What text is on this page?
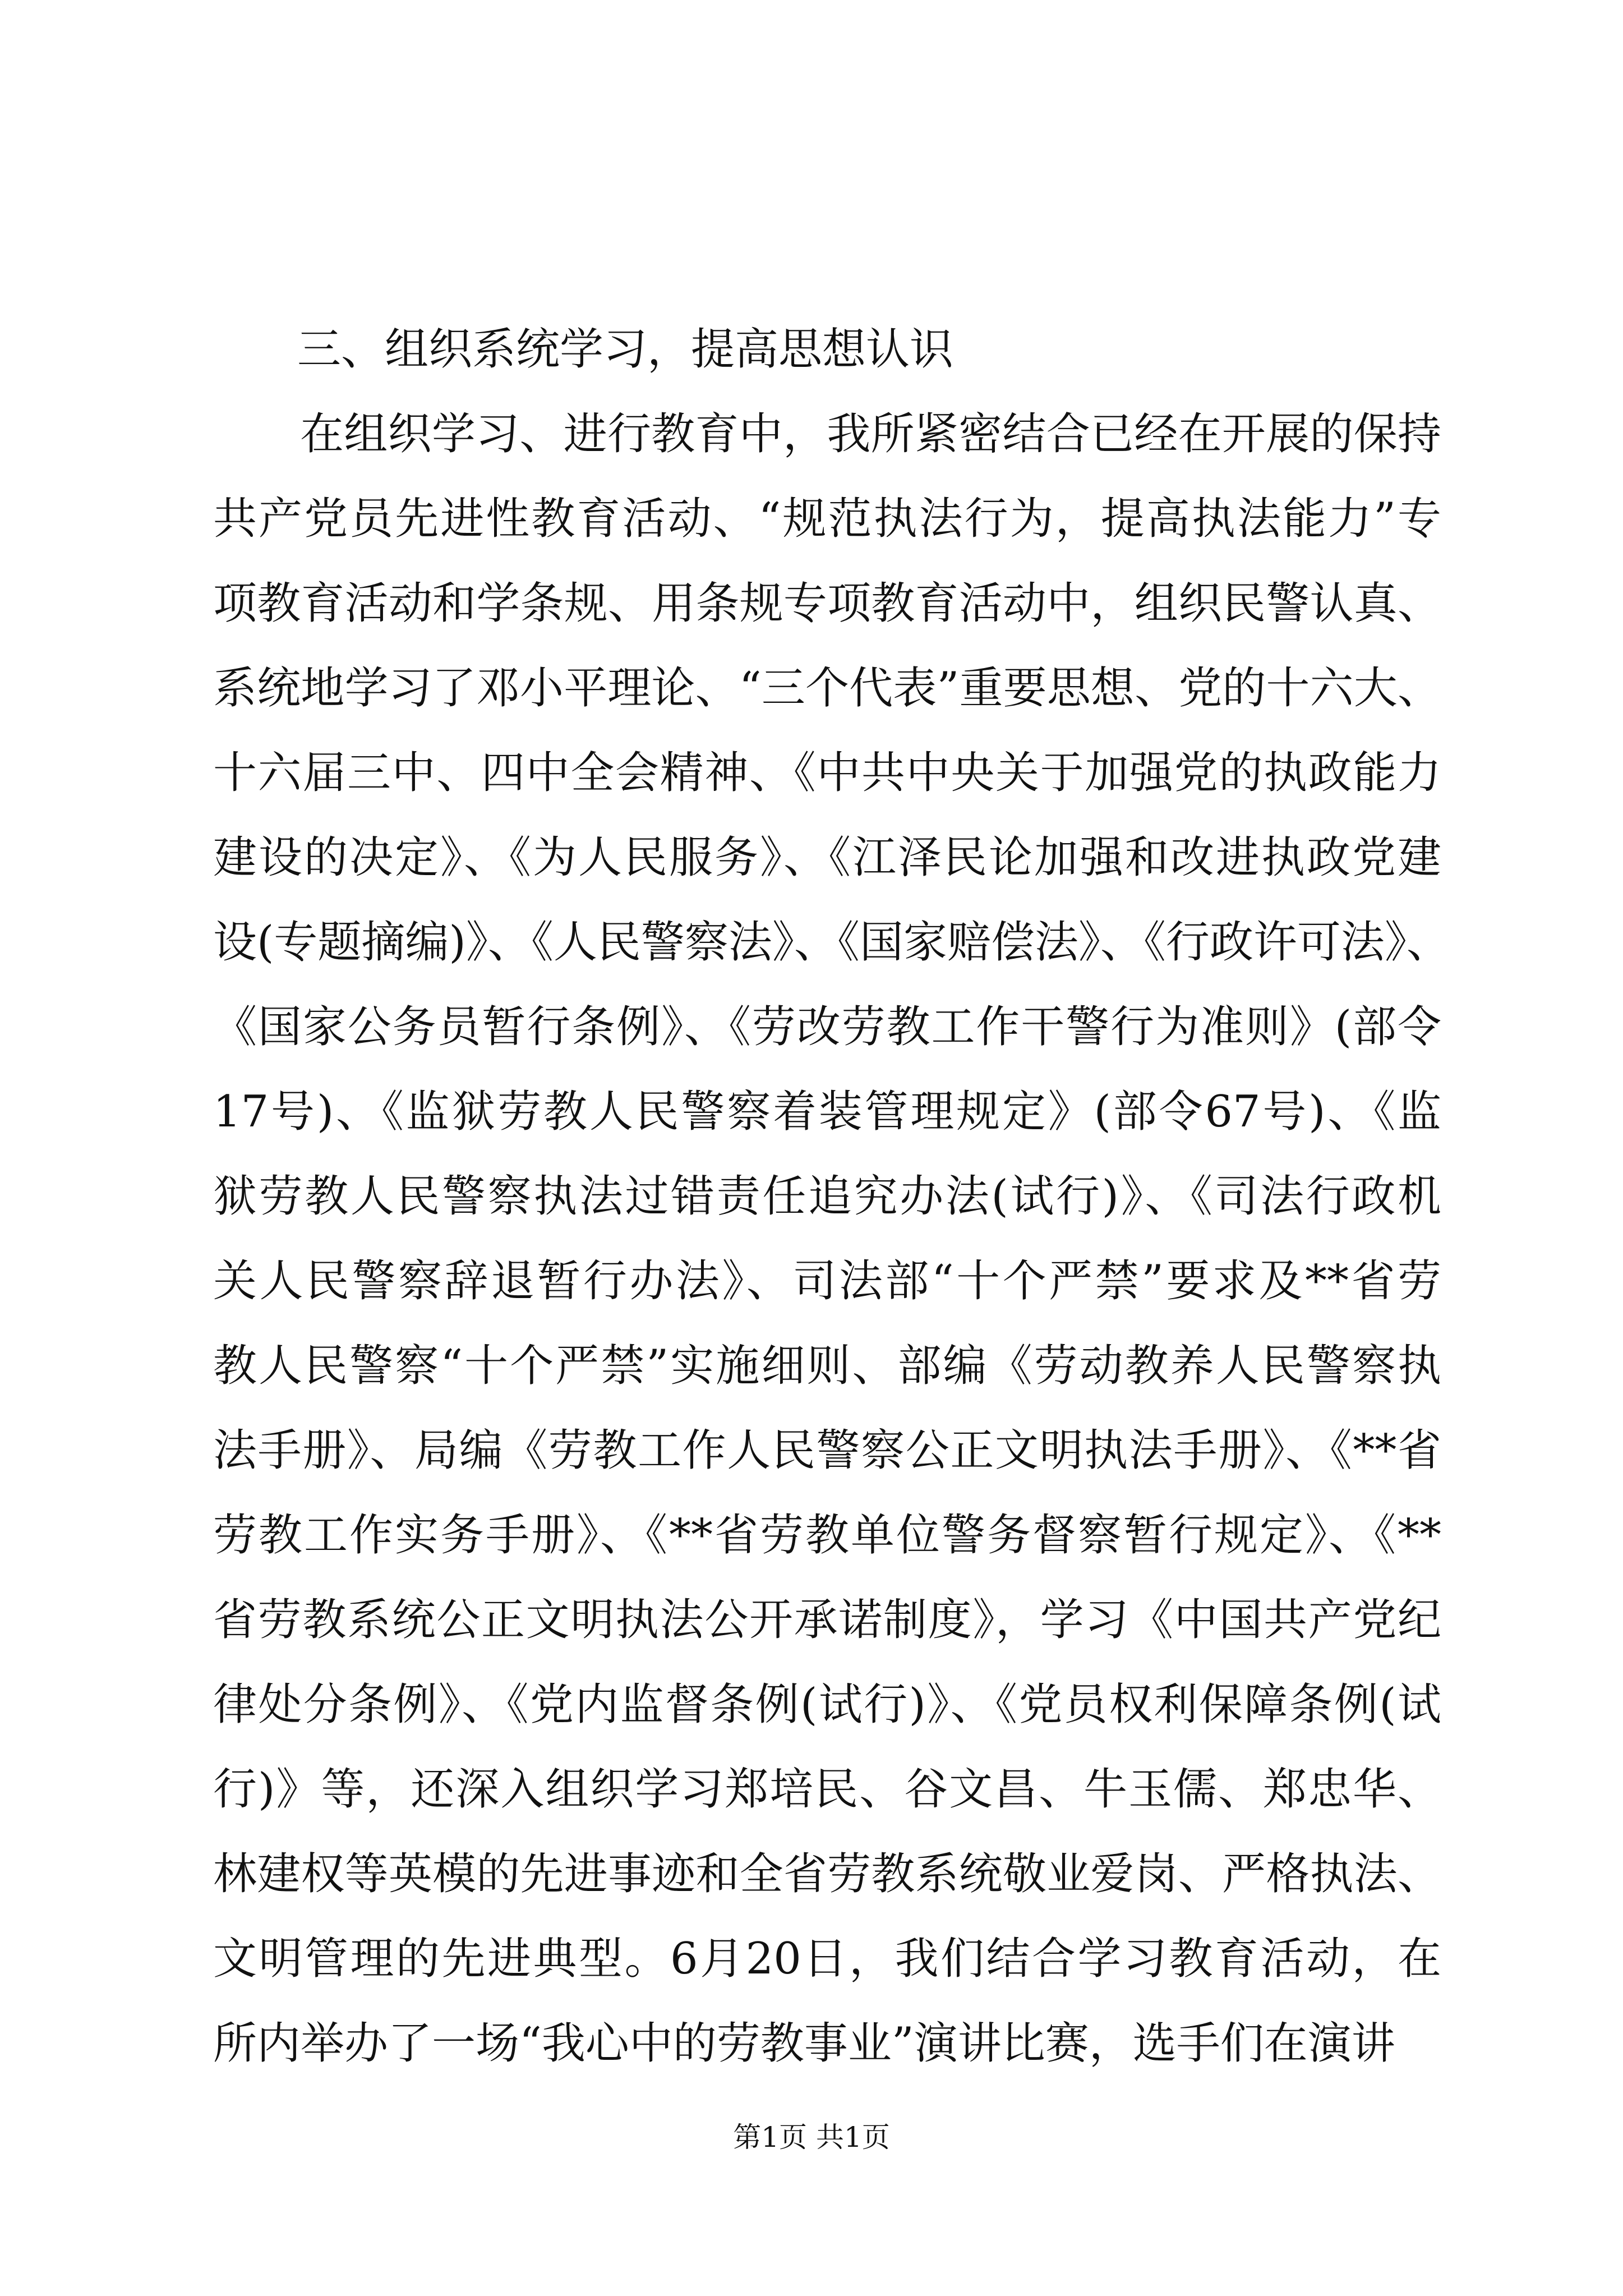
三、组织系统学习，提高思想认识

在组织学习、进行教育中，我所紧密结合已经在开展的保持
共产党员先进性教育活动、“规范执法行为，提高执法能力”专
项教育活动和学条规、用条规专项教育活动中，组织民警认真、
系统地学习了邓小平理论、“三个代表”重要思想、党的十六大、
十六届三中、四中全会精神、《中共中央关于加强党的执政能力
建设的决定》、《为人民服务》、《江泽民论加强和改进执政党建
设(专题摘编)》、《人民警察法》、《国家赔偿法》、《行政许可法》、
《国家公务员暂行条例》、《劳改劳教工作干警行为准则》(部令
17号)、《监狱劳教人民警察着装管理规定》(部令67号)、《监
狱劳教人民警察执法过错责任追究办法(试行)》、《司法行政机
关人民警察辞退暂行办法》、司法部“十个严禁”要求及**省劳
教人民警察“十个严禁”实施细则、部编《劳动教养人民警察执
法手册》、局编《劳教工作人民警察公正文明执法手册》、《**省
劳教工作实务手册》、《**省劳教单位警务督察暂行规定》、《**
省劳教系统公正文明执法公开承诺制度》，学习《中国共产党纪
律处分条例》、《党内监督条例(试行)》、《党员权利保障条例(试
行)》等，还深入组织学习郑培民、谷文昌、牛玉儒、郑忠华、
林建权等英模的先进事迹和全省劳教系统敬业爱岗、严格执法、
文明管理的先进典型。6月20日，我们结合学习教育活动，在
所内举办了一场“我心中的劳教事业”演讲比赛，选手们在演讲
第1页 共1页
